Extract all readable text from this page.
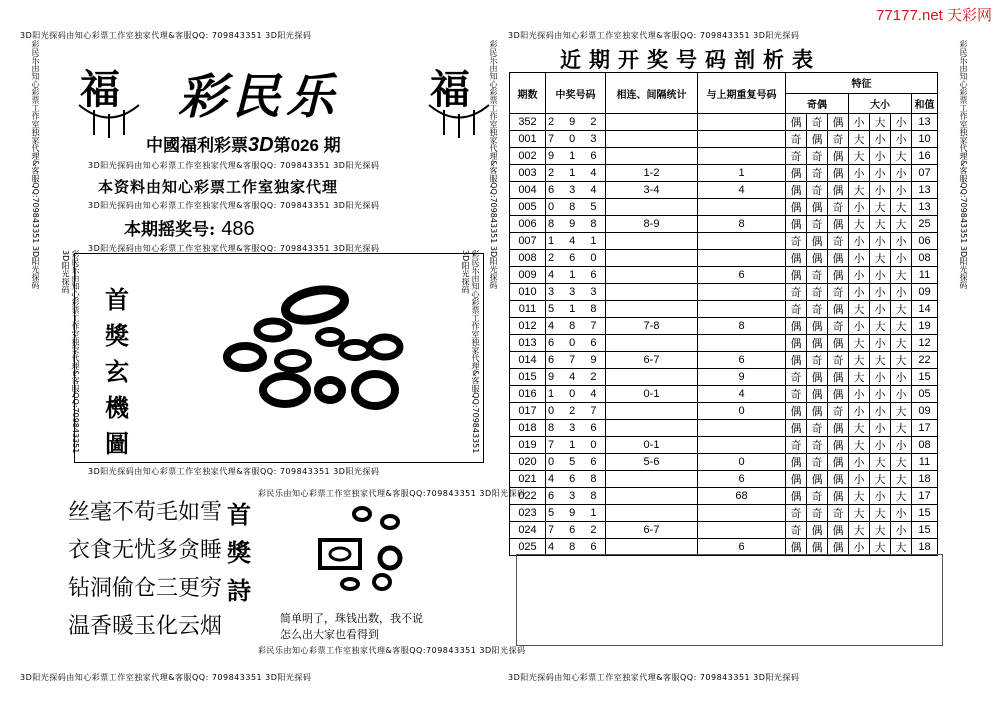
77177.net 天彩网
3D阳光探码由知心彩票工作室独家代理&客服QQ: 709843351 3D阳光探码	3D阳光探码由知心彩票工作室独家代理&客服QQ: 709843351 3D阳光探码
3D阳光探码由知心彩票工作室独家代理&客服QQ: 709843351 3D阳光探码
3D阳光探码由知心彩票工作室独家代理&客服QQ: 709843351 3D阳光探码
3D阳光探码由知心彩票工作室独家代理&客服QQ: 709843351 3D阳光探码
3D阳光探码由知心彩票工作室独家代理&客服QQ: 709843351 3D阳光探码
彩民乐由知心彩票工作室独家代理&客服QQ:709843351 3D阳光探码
彩民乐由知心彩票工作室独家代理&客服QQ:709843351 3D阳光探码
3D阳光探码由知心彩票工作室独家代理&客服QQ: 709843351 3D阳光探码	3D阳光探码由知心彩票工作室独家代理&客服QQ: 709843351 3D阳光探码
彩民乐由知心彩票工作室独家代理&客服QQ:709843351 3D阳光探码	彩民乐由知心彩票工作室独家代理&客服QQ:709843351 3D阳光探码
彩民乐由知心彩票工作室独家代理&客服QQ:709843351 3D阳光探码
彩民乐由知心彩票工作室独家代理&客服QQ:709843351 3D阳光探码	彩民乐由知心彩票工作室独家代理&客服QQ:709843351 3D阳光探码
福	福
彩民乐
中國福利彩票3D第026 期
本资料由知心彩票工作室独家代理
本期摇奖号: 486
首獎玄機圖
丝毫不苟毛如雪
衣食无忧多贪睡
钻洞偷仓三更穷
温香暖玉化云烟
首獎詩
简单明了，珠钱出数，我不说
怎么出大家也看得到
近期开奖号码剖析表
期数	中奖号码	相连、间隔统计	与上期重复号码	特征						
				奇偶			大小			和值
352	2 9 2			偶	奇	偶	小	大	小	13
001	7 0 3			奇	偶	奇	大	小	小	10
002	9 1 6			奇	奇	偶	大	小	大	16
003	2 1 4	1-2	1	偶	奇	偶	小	小	小	07
004	6 3 4	3-4	4	偶	奇	偶	大	小	小	13
005	0 8 5			偶	偶	奇	小	大	大	13
006	8 9 8	8-9	8	偶	奇	偶	大	大	大	25
007	1 4 1			奇	偶	奇	小	小	小	06
008	2 6 0			偶	偶	偶	小	大	小	08
009	4 1 6		6	偶	奇	偶	小	小	大	11
010	3 3 3			奇	奇	奇	小	小	小	09
011	5 1 8			奇	奇	偶	大	小	大	14
012	4 8 7	7-8	8	偶	偶	奇	小	大	大	19
013	6 0 6			偶	偶	偶	大	小	大	12
014	6 7 9	6-7	6	偶	奇	奇	大	大	大	22
015	9 4 2		9	奇	偶	偶	大	小	小	15
016	1 0 4	0-1	4	奇	偶	偶	小	小	小	05
017	0 2 7		0	偶	偶	奇	小	小	大	09
018	8 3 6			偶	奇	偶	大	小	大	17
019	7 1 0	0-1		奇	奇	偶	大	小	小	08
020	0 5 6	5-6	0	偶	奇	偶	小	大	大	11
021	4 6 8		6	偶	偶	偶	小	大	大	18
022	6 3 8		68	偶	奇	偶	大	小	大	17
023	5 9 1			奇	奇	奇	大	大	小	15
024	7 6 2	6-7		奇	偶	偶	大	大	小	15
025	4 8 6		6	偶	偶	偶	小	大	大	18
